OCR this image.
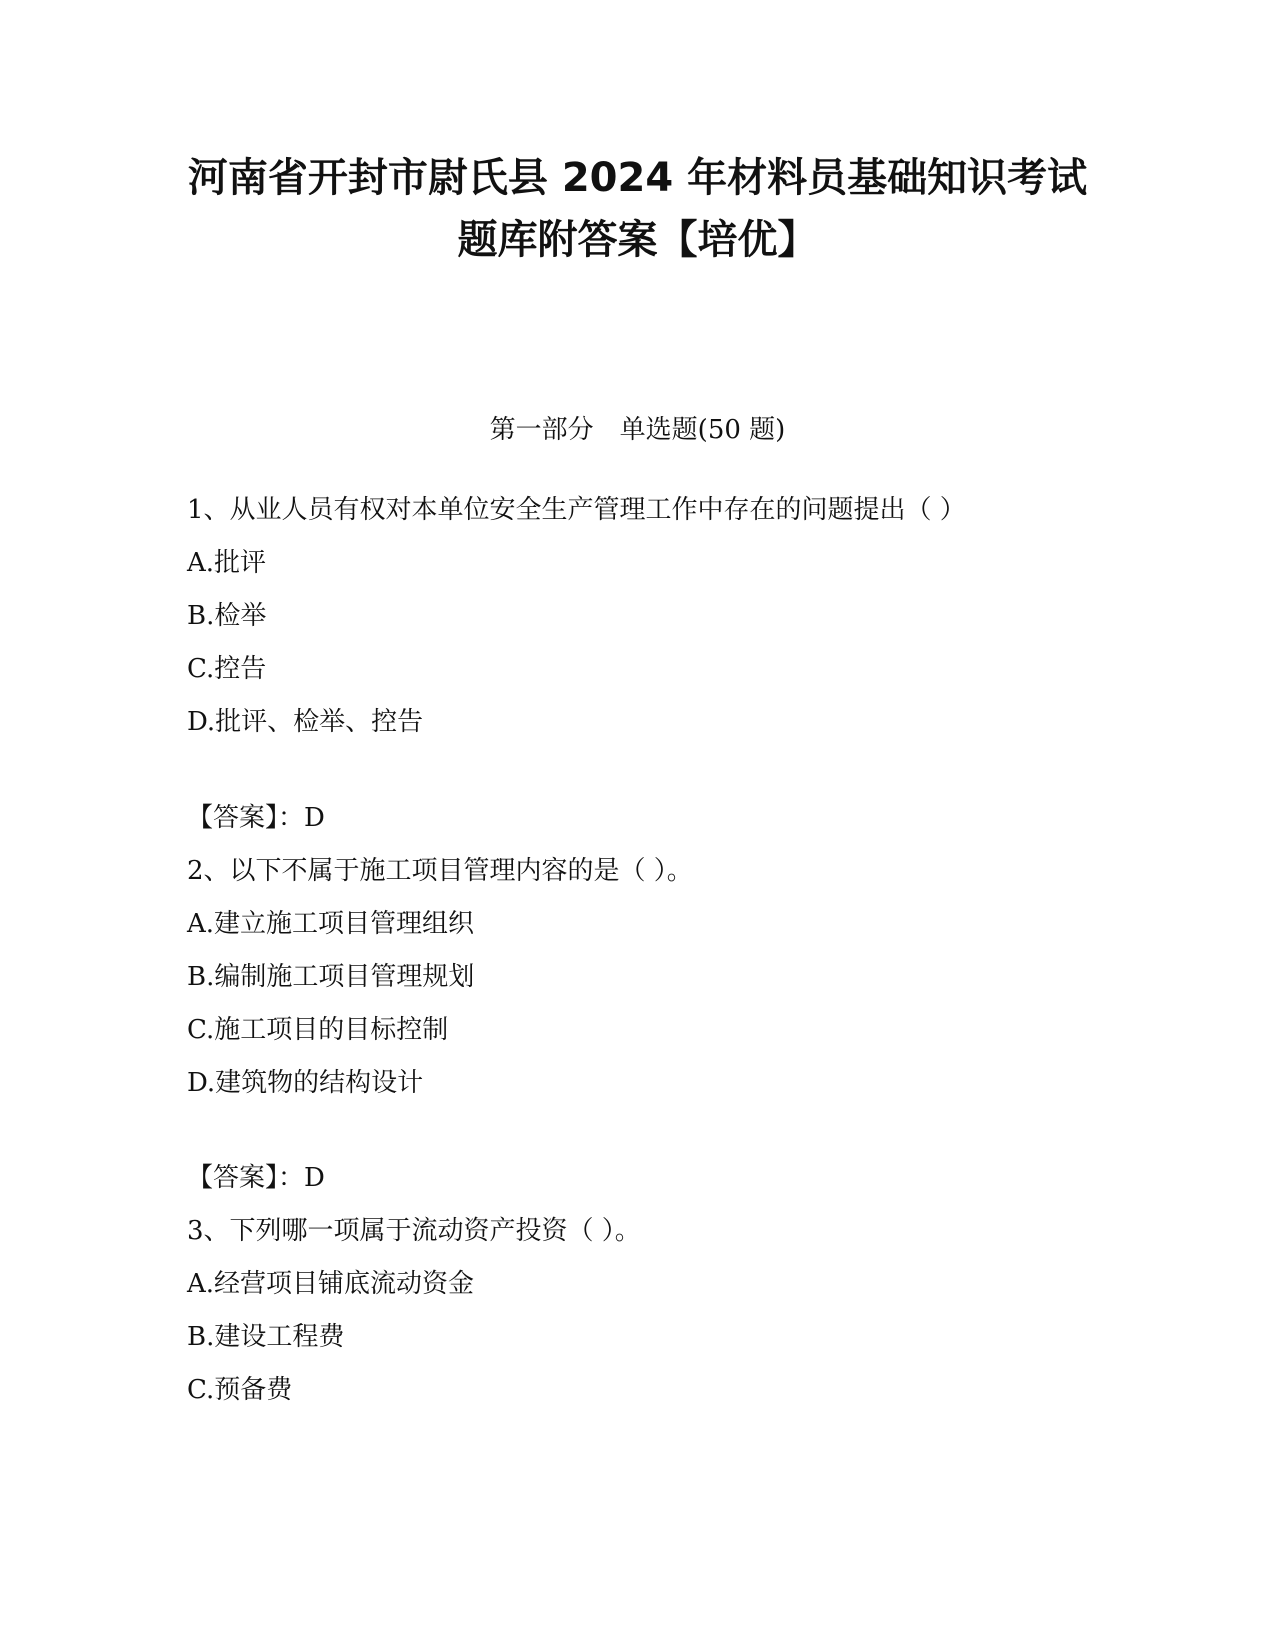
河南省开封市尉氏县 2024 年材料员基础知识考试
题库附答案【培优】
第一部分　单选题(50 题)
1、从业人员有权对本单位安全生产管理工作中存在的问题提出（ ）
A.批评
B.检举
C.控告
D.批评、检举、控告
【答案】：D
2、以下不属于施工项目管理内容的是（ ）。
A.建立施工项目管理组织
B.编制施工项目管理规划
C.施工项目的目标控制
D.建筑物的结构设计
【答案】：D
3、下列哪一项属于流动资产投资（ ）。
A.经营项目铺底流动资金
B.建设工程费
C.预备费
